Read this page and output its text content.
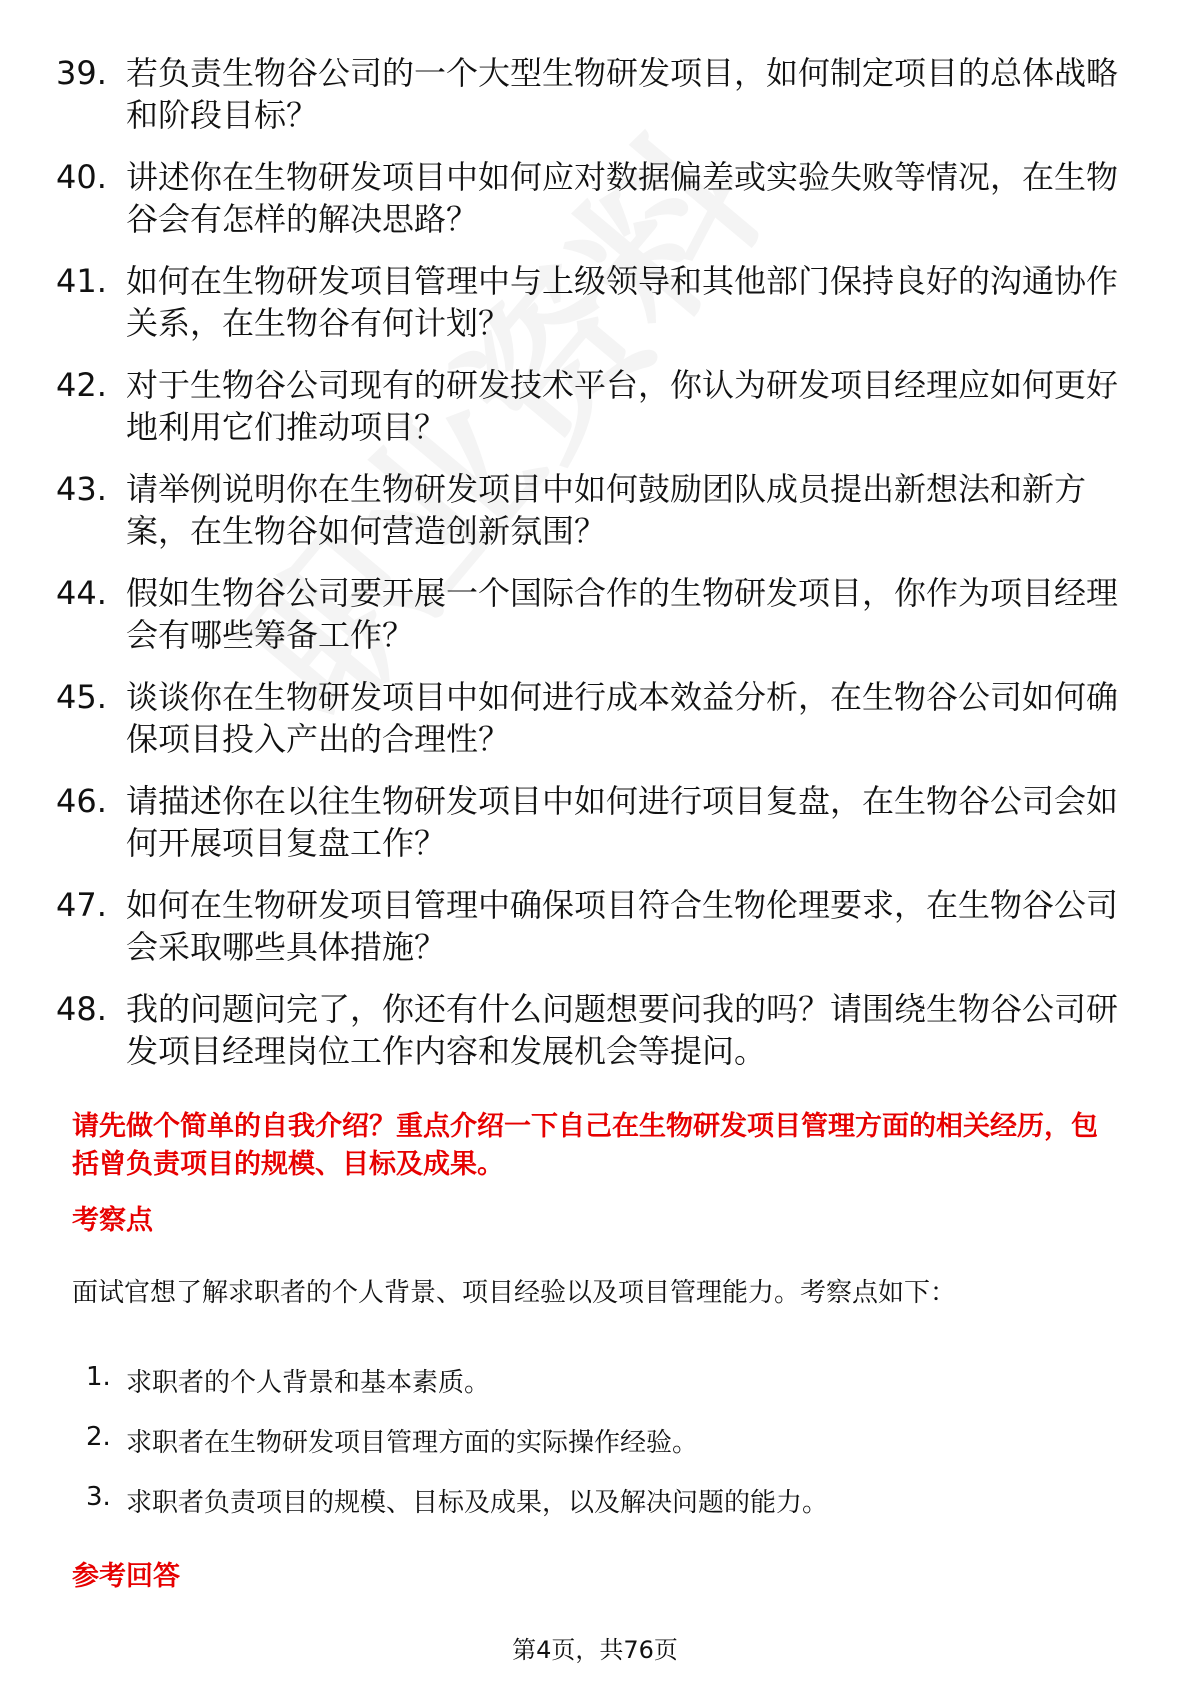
39. 若负责生物谷公司的一个大型生物研发项目，如何制定项目的总体战略和阶段目标？
40. 讲述你在生物研发项目中如何应对数据偏差或实验失败等情况，在生物谷会有怎样的解决思路？
41. 如何在生物研发项目管理中与上级领导和其他部门保持良好的沟通协作关系，在生物谷有何计划？
42. 对于生物谷公司现有的研发技术平台，你认为研发项目经理应如何更好地利用它们推动项目？
43. 请举例说明你在生物研发项目中如何鼓励团队成员提出新想法和新方案，在生物谷如何营造创新氛围？
44. 假如生物谷公司要开展一个国际合作的生物研发项目，你作为项目经理会有哪些筹备工作？
45. 谈谈你在生物研发项目中如何进行成本效益分析，在生物谷公司如何确保项目投入产出的合理性？
46. 请描述你在以往生物研发项目中如何进行项目复盘，在生物谷公司会如何开展项目复盘工作？
47. 如何在生物研发项目管理中确保项目符合生物伦理要求，在生物谷公司会采取哪些具体措施？
48. 我的问题问完了，你还有什么问题想要问我的吗？请围绕生物谷公司研发项目经理岗位工作内容和发展机会等提问。
请先做个简单的自我介绍？重点介绍一下自己在生物研发项目管理方面的相关经历，包括曾负责项目的规模、目标及成果。
考察点
面试官想了解求职者的个人背景、项目经验以及项目管理能力。考察点如下：
1. 求职者的个人背景和基本素质。
2. 求职者在生物研发项目管理方面的实际操作经验。
3. 求职者负责项目的规模、目标及成果，以及解决问题的能力。
参考回答
第4页，共76页
